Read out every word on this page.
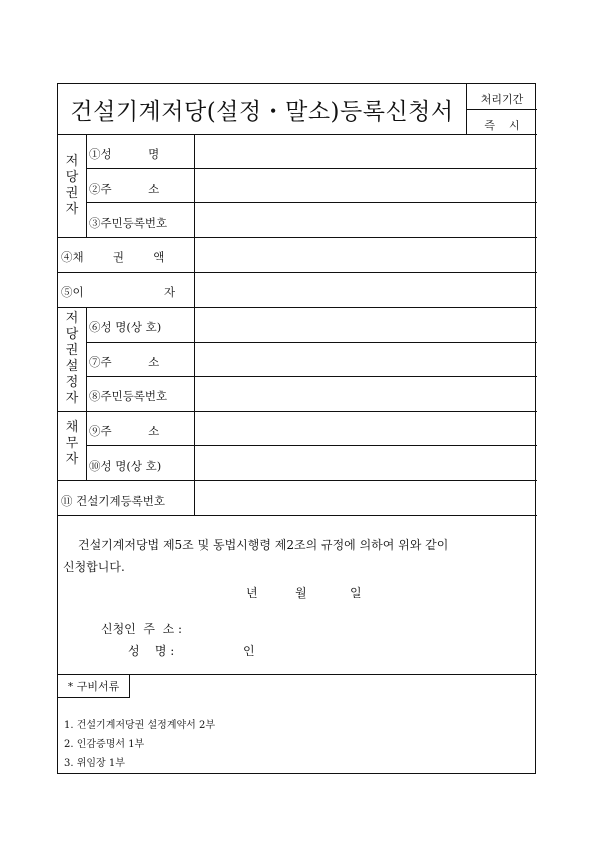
건설기계저당(설정・말소)등록신청서	처리기간
즉    시
저
당
권
자
①성          명
②주          소
③주민등록번호
④채        권        액
⑤이                      자
저
당
권
설
정
자
⑥성 명(상 호)
⑦주          소
⑧주민등록번호
채
무
자
⑨주          소
⑩성 명(상 호)
⑪ 건설기계등록번호
건설기계저당법 제5조 및 동법시행령 제2조의 규정에 의하여 위와 같이
신청합니다.
년	월	일
신청인  주  소 :
성    명 :	인
* 구비서류
1. 건설기계저당권 설정계약서 2부
2. 인감증명서 1부
3. 위임장 1부
